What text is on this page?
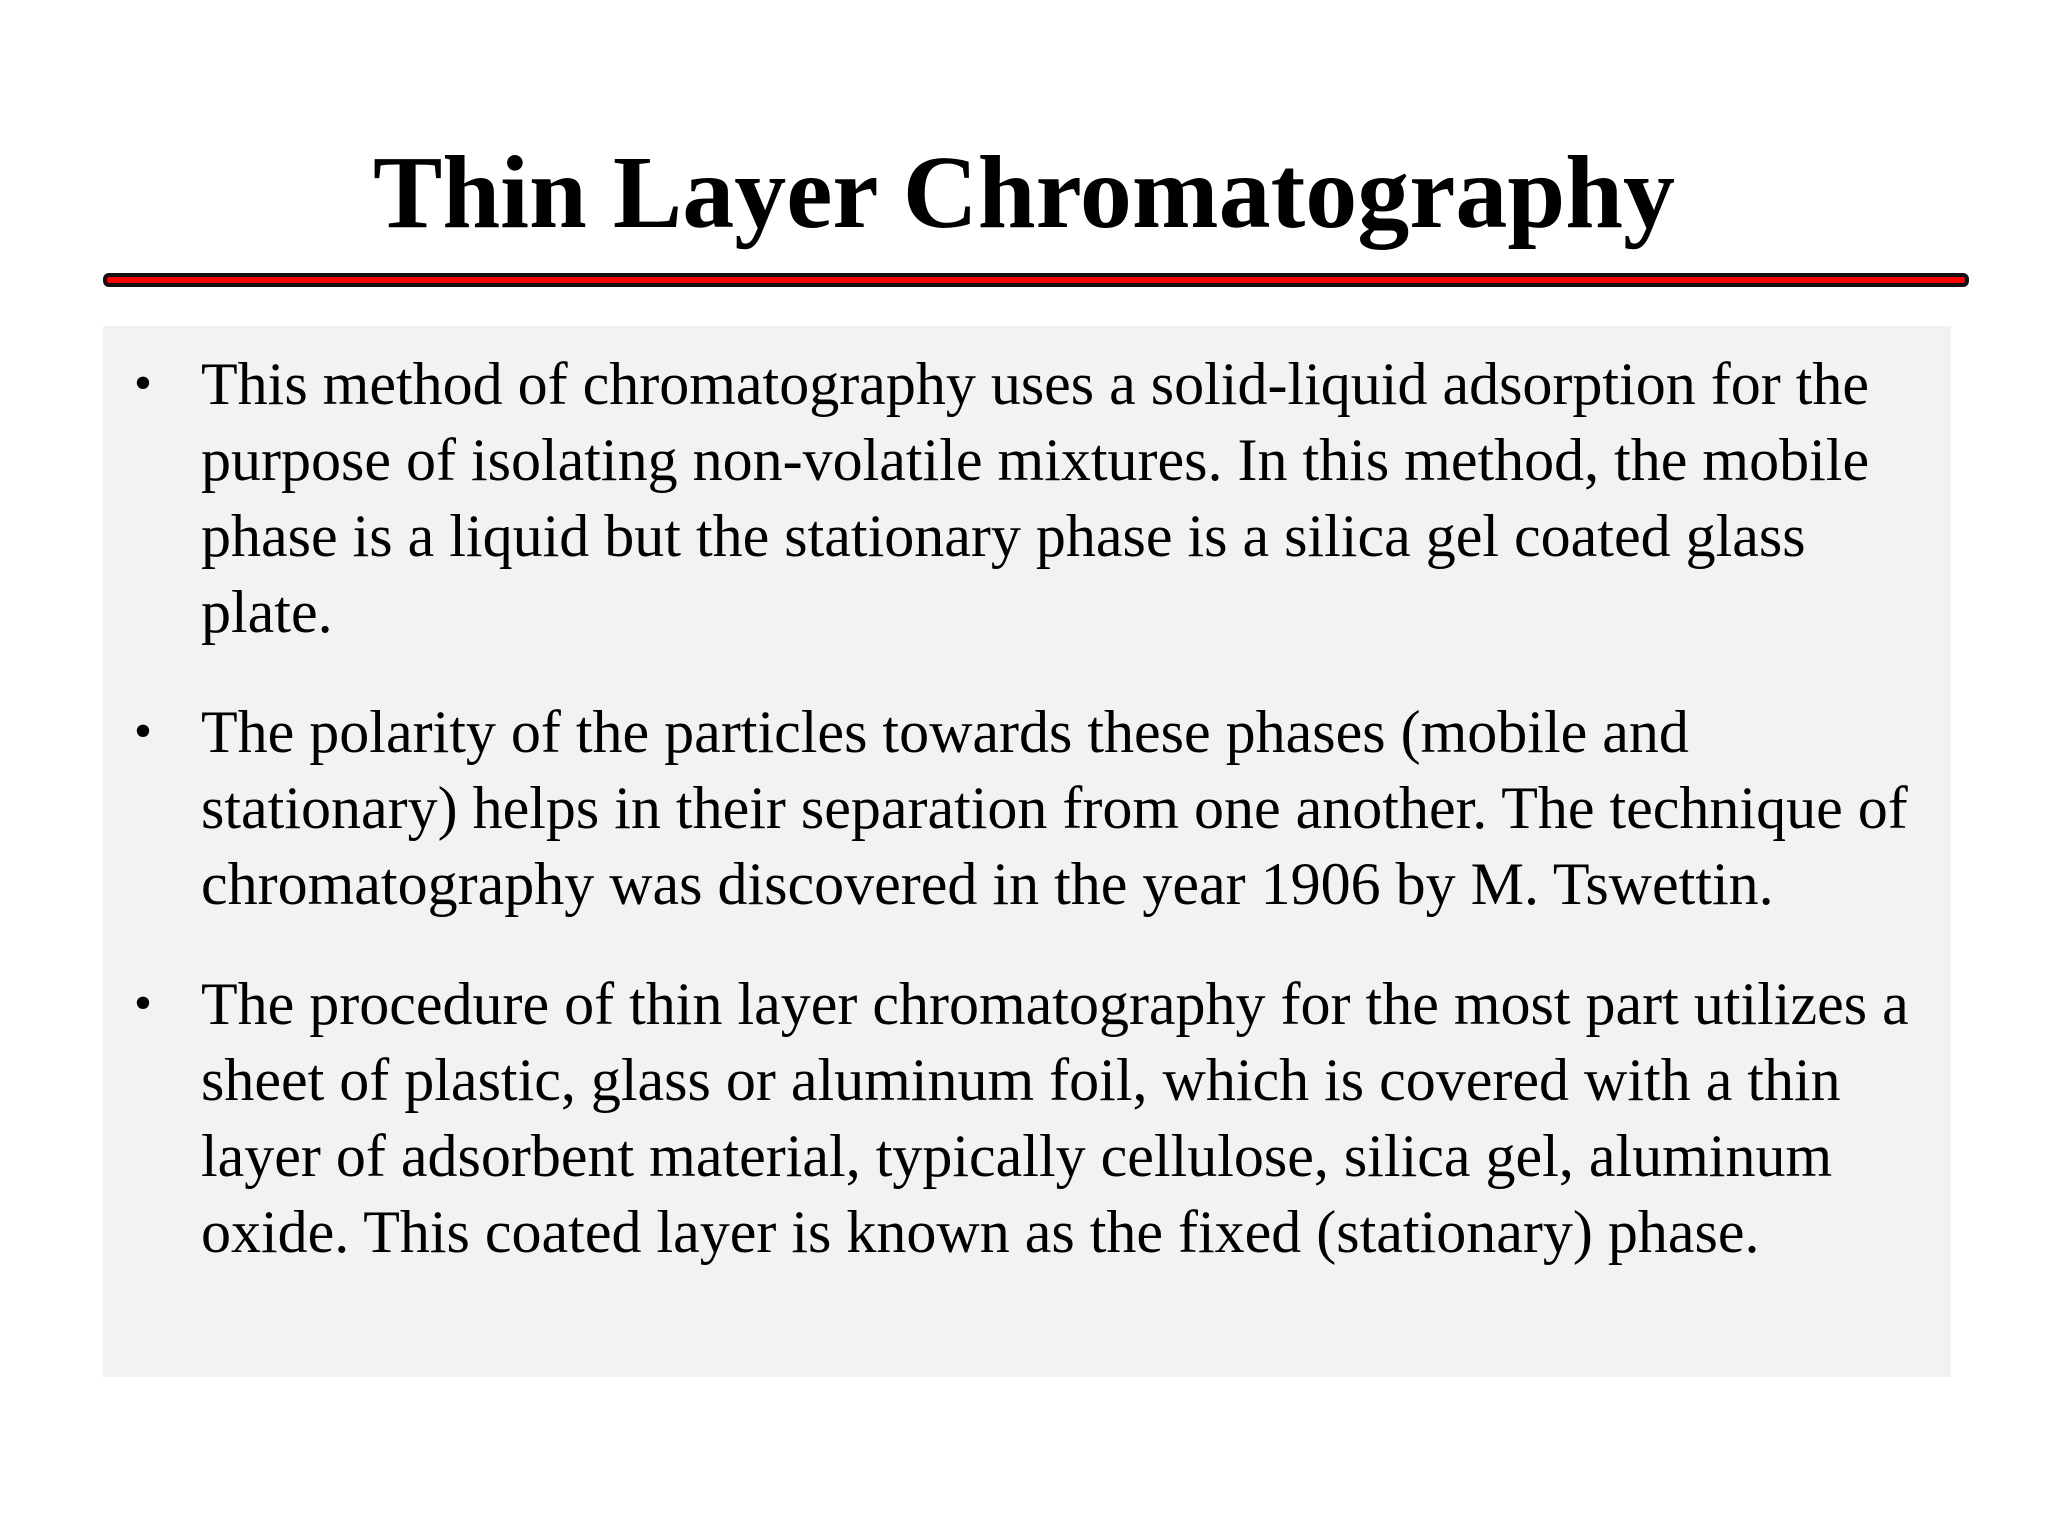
Thin Layer Chromatography
• This method of chromatography uses a solid-liquid adsorption for the purpose of isolating non-volatile mixtures. In this method, the mobile phase is a liquid but the stationary phase is a silica gel coated glass plate.
• The polarity of the particles towards these phases (mobile and stationary) helps in their separation from one another. The technique of chromatography was discovered in the year 1906 by M. Tswettin.
• The procedure of thin layer chromatography for the most part utilizes a sheet of plastic, glass or aluminum foil, which is covered with a thin layer of adsorbent material, typically cellulose, silica gel, aluminum oxide. This coated layer is known as the fixed (stationary) phase.
